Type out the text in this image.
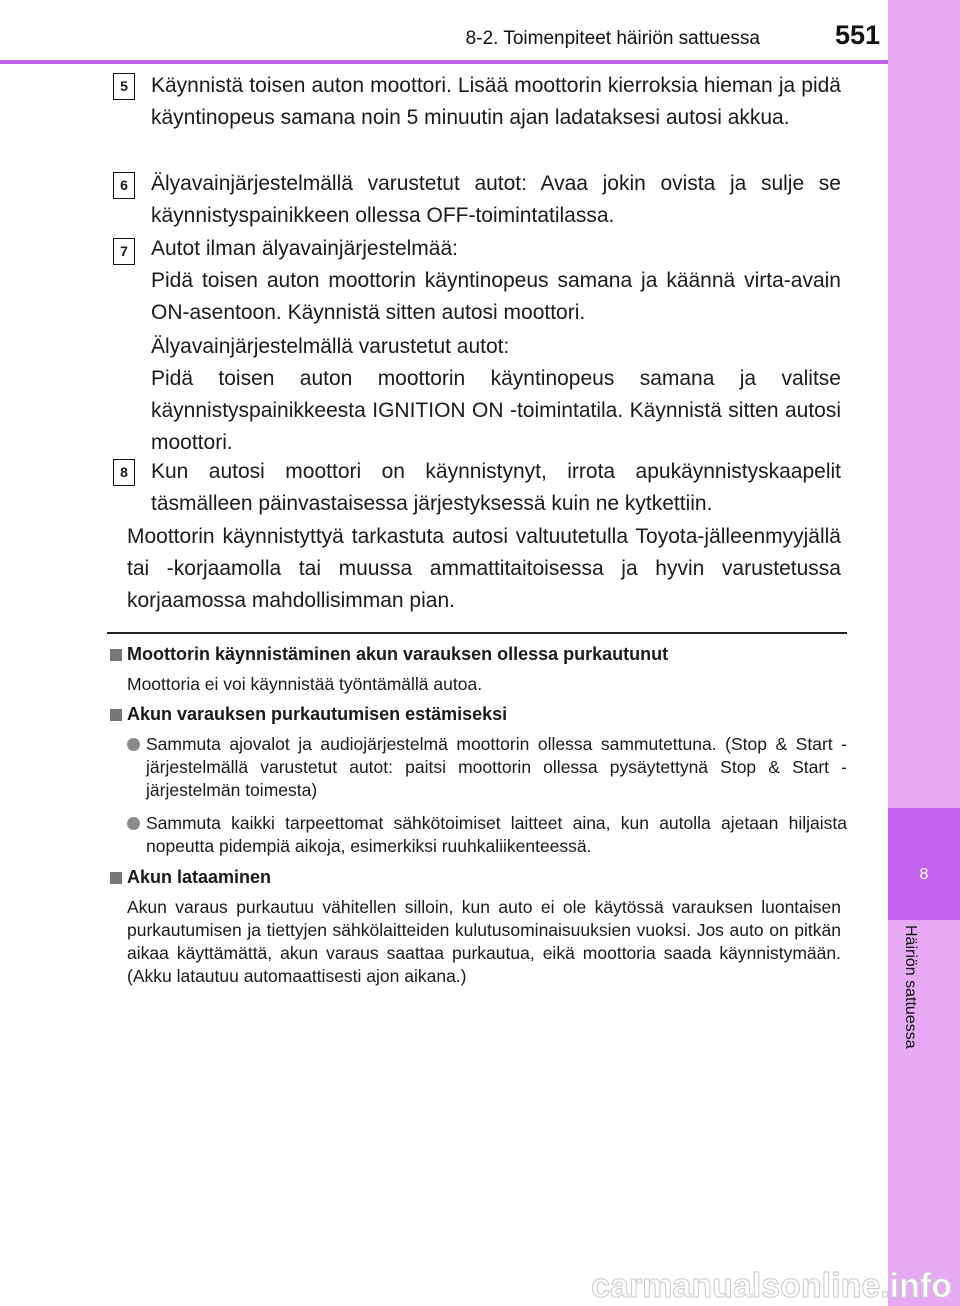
8-2. Toimenpiteet häiriön sattuessa	551
8
Häiriön sattuessa
5	Käynnistä toisen auton moottori. Lisää moottorin kierroksia hieman ja pidä käyntinopeus samana noin 5 minuutin ajan ladataksesi autosi akkua.

6	Älyavainjärjestelmällä varustetut autot: Avaa jokin ovista ja sulje se käynnistyspainikkeen ollessa OFF-toimintatilassa.

7	Autot ilman älyavainjärjestelmää:

Pidä toisen auton moottorin käyntinopeus samana ja käännä virta-avain ON-asentoon. Käynnistä sitten autosi moottori.

Älyavainjärjestelmällä varustetut autot:

Pidä toisen auton moottorin käyntinopeus samana ja valitse käynnistyspainikkeesta IGNITION ON -toimintatila. Käynnistä sitten autosi moottori.

8	Kun autosi moottori on käynnistynyt, irrota apukäynnistyskaapelit täsmälleen päinvastaisessa järjestyksessä kuin ne kytkettiin.

Moottorin käynnistyttyä tarkastuta autosi valtuutetulla Toyota-jälleenmyyjällä tai -korjaamolla tai muussa ammattitaitoisessa ja hyvin varustetussa korjaamossa mahdollisimman pian.

Moottorin käynnistäminen akun varauksen ollessa purkautunut

Moottoria ei voi käynnistää työntämällä autoa.

Akun varauksen purkautumisen estämiseksi

Sammuta ajovalot ja audiojärjestelmä moottorin ollessa sammutettuna. (Stop & Start -järjestelmällä varustetut autot: paitsi moottorin ollessa pysäytettynä Stop & Start -järjestelmän toimesta)

Sammuta kaikki tarpeettomat sähkötoimiset laitteet aina, kun autolla ajetaan hiljaista nopeutta pidempiä aikoja, esimerkiksi ruuhkaliikenteessä.

Akun lataaminen

Akun varaus purkautuu vähitellen silloin, kun auto ei ole käytössä varauksen luontaisen purkautumisen ja tiettyjen sähkölaitteiden kulutusominaisuuksien vuoksi. Jos auto on pitkän aikaa käyttämättä, akun varaus saattaa purkautua, eikä moottoria saada käynnistymään. (Akku latautuu automaattisesti ajon aikana.)

carmanualsonline.info
